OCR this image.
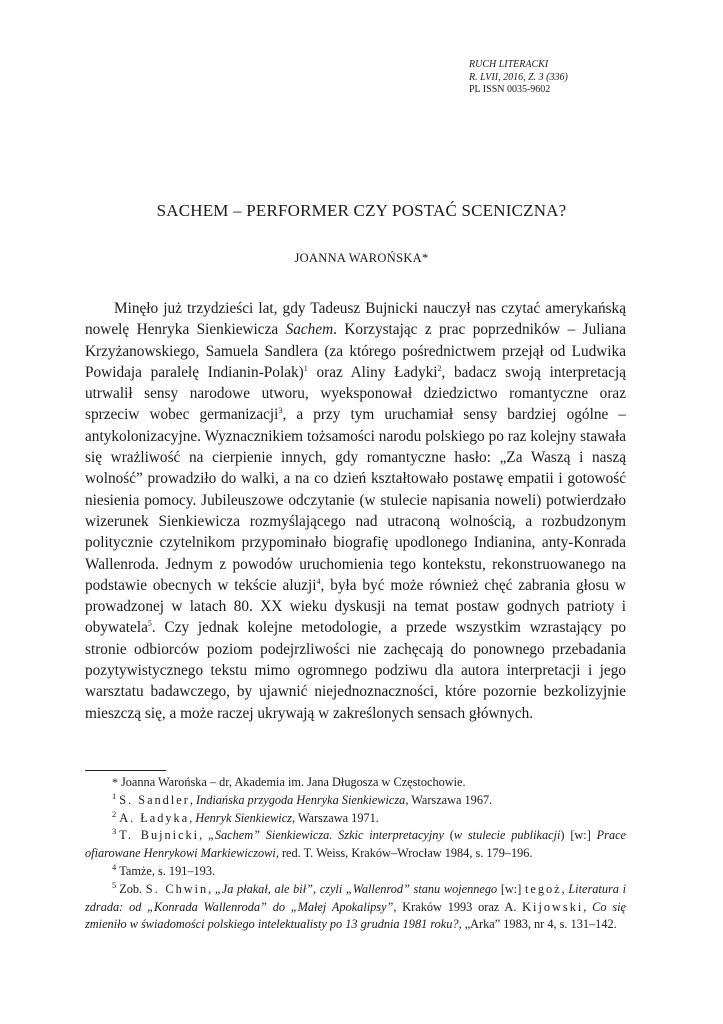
RUCH LITERACKI
R. LVII, 2016, Z. 3 (336)
PL ISSN 0035-9602
SACHEM – PERFORMER CZY POSTAĆ SCENICZNA?
JOANNA WAROŃSKA*

Minęło już trzydzieści lat, gdy Tadeusz Bujnicki nauczył nas czytać amerykańską nowelę Henryka Sienkiewicza Sachem. Korzystając z prac poprzedników – Juliana Krzyżanowskiego, Samuela Sandlera (za którego pośrednictwem przejął od Ludwika Powidaja paralelę Indianin-Polak)$^1$ oraz Aliny Ładyki$^2$, badacz swoją interpretacją utrwalił sensy narodowe utworu, wyeksponował dziedzictwo romantyczne oraz sprzeciw wobec germanizacji$^3$, a przy tym uruchamiał sensy bardziej ogólne – antykolonizacyjne. Wyznacznikiem tożsamości narodu polskiego po raz kolejny stawała się wrażliwość na cierpienie innych, gdy romantyczne hasło: „Za Waszą i naszą wolność” prowadziło do walki, a na co dzień kształtowało postawę empatii i gotowość niesienia pomocy. Jubileuszowe odczytanie (w stulecie napisania noweli) potwierdzało wizerunek Sienkiewicza rozmyślającego nad utraconą wolnością, a rozbudzonym politycznie czytelnikom przypominało biografię upodlonego Indianina, anty-Konrada Wallenroda. Jednym z powodów uruchomienia tego kontekstu, rekonstruowanego na podstawie obecnych w tekście aluzji$^4$, była być może również chęć zabrania głosu w prowadzonej w latach 80. XX wieku dyskusji na temat postaw godnych patrioty i obywatela$^5$. Czy jednak kolejne metodologie, a przede wszystkim wzrastający po stronie odbiorców poziom podejrzliwości nie zachęcają do ponownego przebadania pozytywistycznego tekstu mimo ogromnego podziwu dla autora interpretacji i jego warsztatu badawczego, by ujawnić niejednoznaczności, które pozornie bezkolizyjnie mieszczą się, a może raczej ukrywają w zakreślonych sensach głównych.

* Joanna Warońska – dr, Akademia im. Jana Długosza w Częstochowie.

$^1$ S. Sandler, Indiańska przygoda Henryka Sienkiewicza, Warszawa 1967.

$^2$ A. Ładyka, Henryk Sienkiewicz, Warszawa 1971.

$^3$ T. Bujnicki, „Sachem” Sienkiewicza. Szkic interpretacyjny (w stulecie publikacji) [w:] Prace ofiarowane Henrykowi Markiewiczowi, red. T. Weiss, Kraków–Wrocław 1984, s. 179–196.

$^4$ Tamże, s. 191–193.

$^5$ Zob. S. Chwin, „Ja płakał, ale bił”, czyli „Wallenrod” stanu wojennego [w:] tegoż, Literatura i zdrada: od „Konrada Wallenroda” do „Małej Apokalipsy”, Kraków 1993 oraz A. Kijowski, Co się zmieniło w świadomości polskiego intelektualisty po 13 grudnia 1981 roku?, „Arka” 1983, nr 4, s. 131–142.
